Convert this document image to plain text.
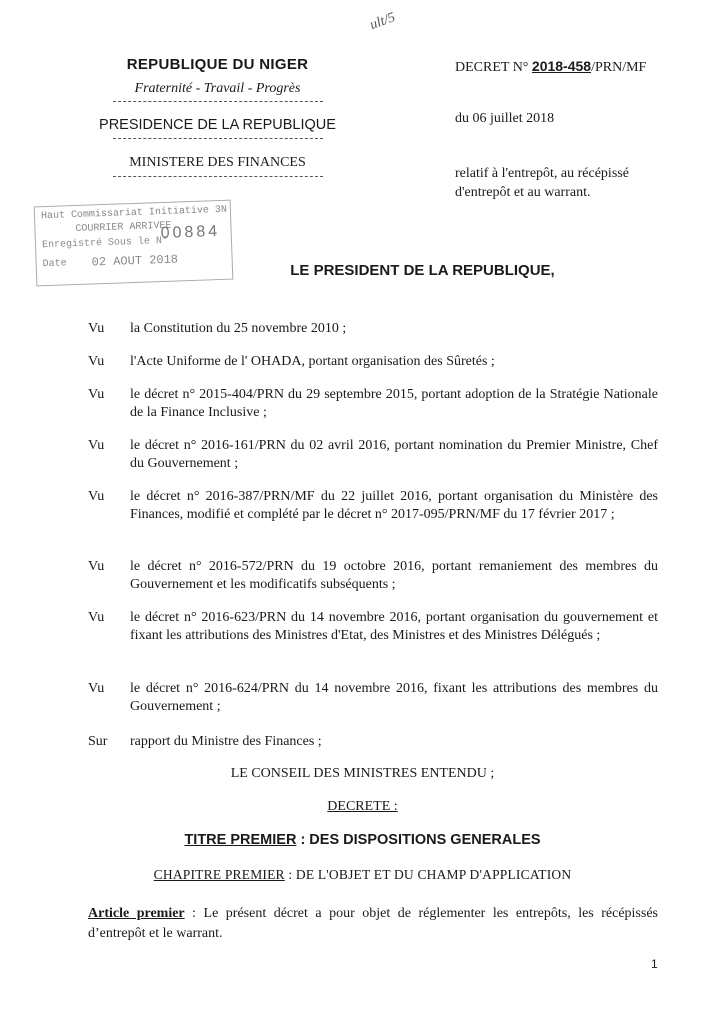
REPUBLIQUE DU NIGER

Fraternité - Travail - Progrès

PRESIDENCE DE LA REPUBLIQUE

MINISTERE DES FINANCES

ult/5
DECRET N° 2018-458/PRN/MF
du 06 juillet 2018
relatif à l'entrepôt, au récépissé d'entrepôt et au warrant.
Haut Commissariat Initiative 3N
COURRIER ARRIVEE
Enregistré Sous le N°
00884
Date 02 AOUT 2018
LE PRESIDENT DE LA REPUBLIQUE,
Vu la Constitution du 25 novembre 2010 ;
Vu l'Acte Uniforme de l' OHADA, portant organisation des Sûretés ;
Vu le décret n° 2015-404/PRN du 29 septembre 2015, portant adoption de la Stratégie Nationale de la Finance Inclusive ;
Vu le décret n° 2016-161/PRN du 02 avril 2016, portant nomination du Premier Ministre, Chef du Gouvernement ;
Vu le décret n° 2016-387/PRN/MF du 22 juillet 2016, portant organisation du Ministère des Finances, modifié et complété par le décret n° 2017-095/PRN/MF du 17 février 2017 ;
Vu le décret n° 2016-572/PRN du 19 octobre 2016, portant remaniement des membres du Gouvernement et les modificatifs subséquents ;
Vu le décret n° 2016-623/PRN du 14 novembre 2016, portant organisation du gouvernement et fixant les attributions des Ministres d'Etat, des Ministres et des Ministres Délégués ;
Vu le décret n° 2016-624/PRN du 14 novembre 2016, fixant les attributions des membres du Gouvernement ;
Sur rapport du Ministre des Finances ;
LE CONSEIL DES MINISTRES ENTENDU ;
DECRETE :
TITRE PREMIER : DES DISPOSITIONS GENERALES
CHAPITRE PREMIER : DE L'OBJET ET DU CHAMP D'APPLICATION
Article premier : Le présent décret a pour objet de réglementer les entrepôts, les récépissés d’entrepôt et le warrant.
1
